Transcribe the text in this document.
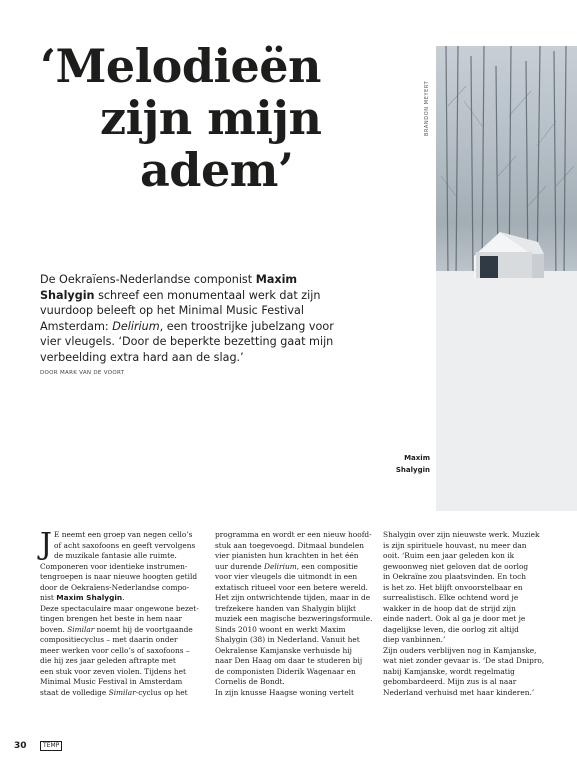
‘Melodieën
zijn mijn
adem’
BRANDON MEYERT
Maxim
Shalygin

De Oekraïens-Nederlandse componist Maxim Shalygin schreef een monumentaal werk dat zijn vuurdoop beleeft op het Minimal Music Festival Amsterdam: Delirium, een troostrijke jubelzang voor vier vleugels. ‘Door de beperkte bezetting gaat mijn verbeelding extra hard aan de slag.’

DOOR MARK VAN DE VOORT
J E neemt een groep van negen cello’s

of acht saxofoons en geeft vervolgens

de muzikale fantasie alle ruimte.

Componeren voor identieke instrumen-

tengroepen is naar nieuwe hoogten getild

door de Oekraïens-Nederlandse compo-

nist Maxim Shalygin.

Deze spectaculaire maar ongewone bezet-

tingen brengen het beste in hem naar

boven. Similar noemt hij de voortgaande

compositiecyclus – met daarin onder

meer werken voor cello’s of saxofoons –

die hij zes jaar geleden aftrapte met

een stuk voor zeven violen. Tijdens het

Minimal Music Festival in Amsterdam

staat de volledige Similar-cyclus op het

programma en wordt er een nieuw hoofd-

stuk aan toegevoegd. Ditmaal bundelen

vier pianisten hun krachten in het één

uur durende Delirium, een compositie

voor vier vleugels die uitmondt in een

extatisch ritueel voor een betere wereld.

Het zijn ontwrichtende tijden, maar in de

trefzekere handen van Shalygin blijkt

muziek een magische bezweringsformule.

Sinds 2010 woont en werkt Maxim

Shalygin (38) in Nederland. Vanuit het

Oekraïense Kamjanske verhuisde hij

naar Den Haag om daar te studeren bij

de componisten Diderik Wagenaar en

Cornelis de Bondt.

In zijn knusse Haagse woning vertelt

Shalygin over zijn nieuwste werk. Muziek

is zijn spirituele houvast, nu meer dan

ooit. ‘Ruim een jaar geleden kon ik

gewoonweg niet geloven dat de oorlog

in Oekraïne zou plaatsvinden. En toch

is het zo. Het blijft onvoorstelbaar en

surrealistisch. Elke ochtend word je

wakker in de hoop dat de strijd zijn

einde nadert. Ook al ga je door met je

dagelijkse leven, die oorlog zit altijd

diep vanbinnen.’

Zijn ouders verblijven nog in Kamjanske,

wat niet zonder gevaar is. ‘De stad Dnipro,

nabij Kamjanske, wordt regelmatig

gebombardeerd. Mijn zus is al naar

Nederland verhuisd met haar kinderen.’

30	TEMP
